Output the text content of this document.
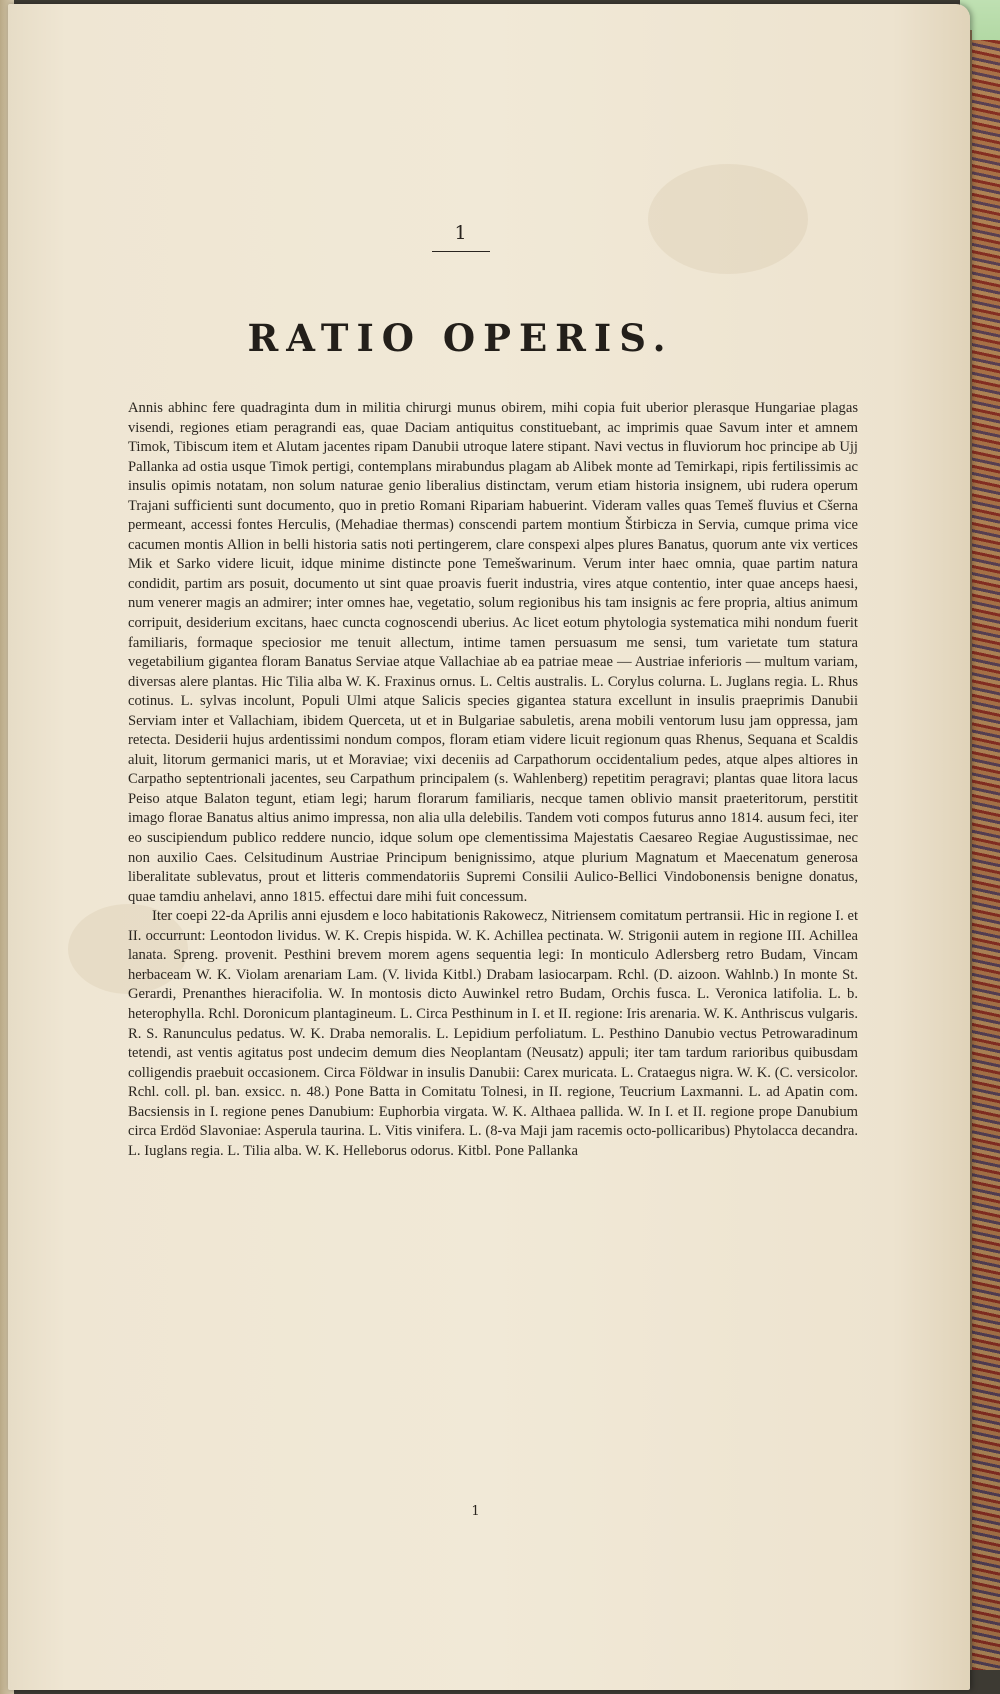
1
RATIO OPERIS.

Annis abhinc fere quadraginta dum in militia chirurgi munus obirem, mihi copia fuit uberior plerasque Hungariae plagas visendi, regiones etiam peragrandi eas, quae Daciam antiquitus constituebant, ac imprimis quae Savum inter et amnem Timok, Tibiscum item et Alutam jacentes ripam Danubii utroque latere stipant. Navi vectus in fluviorum hoc principe ab Ujj Pallanka ad ostia usque Timok pertigi, contemplans mirabundus plagam ab Alibek monte ad Temirkapi, ripis fertilissimis ac insulis opimis notatam, non solum naturae genio liberalius distinctam, verum etiam historia insignem, ubi rudera operum Trajani sufficienti sunt documento, quo in pretio Romani Ripariam habuerint. Videram valles quas Temeš fluvius et Cšerna permeant, accessi fontes Herculis, (Mehadiae thermas) conscendi partem montium Štirbicza in Servia, cumque prima vice cacumen montis Allion in belli historia satis noti pertingerem, clare conspexi alpes plures Banatus, quorum ante vix vertices Mik et Sarko videre licuit, idque minime distincte pone Temešwarinum. Verum inter haec omnia, quae partim natura condidit, partim ars posuit, documento ut sint quae proavis fuerit industria, vires atque contentio, inter quae anceps haesi, num venerer magis an admirer; inter omnes hae, vegetatio, solum regionibus his tam insignis ac fere propria, altius animum corripuit, desiderium excitans, haec cuncta cognoscendi uberius. Ac licet eotum phytologia systematica mihi nondum fuerit familiaris, formaque speciosior me tenuit allectum, intime tamen persuasum me sensi, tum varietate tum statura vegetabilium gigantea floram Banatus Serviae atque Vallachiae ab ea patriae meae — Austriae inferioris — multum variam, diversas alere plantas. Hic Tilia alba W. K. Fraxinus ornus. L. Celtis australis. L. Corylus colurna. L. Juglans regia. L. Rhus cotinus. L. sylvas incolunt, Populi Ulmi atque Salicis species gigantea statura excellunt in insulis praeprimis Danubii Serviam inter et Vallachiam, ibidem Querceta, ut et in Bulgariae sabuletis, arena mobili ventorum lusu jam oppressa, jam retecta. Desiderii hujus ardentissimi nondum compos, floram etiam videre licuit regionum quas Rhenus, Sequana et Scaldis aluit, litorum germanici maris, ut et Moraviae; vixi deceniis ad Carpathorum occidentalium pedes, atque alpes altiores in Carpatho septentrionali jacentes, seu Carpathum principalem (s. Wahlenberg) repetitim peragravi; plantas quae litora lacus Peiso atque Balaton tegunt, etiam legi; harum florarum familiaris, necque tamen oblivio mansit praeteritorum, perstitit imago florae Banatus altius animo impressa, non alia ulla delebilis. Tandem voti compos futurus anno 1814. ausum feci, iter eo suscipiendum publico reddere nuncio, idque solum ope clementissima Majestatis Caesareo Regiae Augustissimae, nec non auxilio Caes. Celsitudinum Austriae Principum benignissimo, atque plurium Magnatum et Maecenatum generosa liberalitate sublevatus, prout et litteris commendatoriis Supremi Consilii Aulico-Bellici Vindobonensis benigne donatus, quae tamdiu anhelavi, anno 1815. effectui dare mihi fuit concessum.

Iter coepi 22-da Aprilis anni ejusdem e loco habitationis Rakowecz, Nitriensem comitatum pertransii. Hic in regione I. et II. occurrunt: Leontodon lividus. W. K. Crepis hispida. W. K. Achillea pectinata. W. Strigonii autem in regione III. Achillea lanata. Spreng. provenit. Pesthini brevem morem agens sequentia legi: In monticulo Adlersberg retro Budam, Vincam herbaceam W. K. Violam arenariam Lam. (V. livida Kitbl.) Drabam lasiocarpam. Rchl. (D. aizoon. Wahlnb.) In monte St. Gerardi, Prenanthes hieracifolia. W. In montosis dicto Auwinkel retro Budam, Orchis fusca. L. Veronica latifolia. L. b. heterophylla. Rchl. Doronicum plantagineum. L. Circa Pesthinum in I. et II. regione: Iris arenaria. W. K. Anthriscus vulgaris. R. S. Ranunculus pedatus. W. K. Draba nemoralis. L. Lepidium perfoliatum. L. Pesthino Danubio vectus Petrowaradinum tetendi, ast ventis agitatus post undecim demum dies Neoplantam (Neusatz) appuli; iter tam tardum rarioribus quibusdam colligendis praebuit occasionem. Circa Földwar in insulis Danubii: Carex muricata. L. Crataegus nigra. W. K. (C. versicolor. Rchl. coll. pl. ban. exsicc. n. 48.) Pone Batta in Comitatu Tolnesi, in II. regione, Teucrium Laxmanni. L. ad Apatin com. Bacsiensis in I. regione penes Danubium: Euphorbia virgata. W. K. Althaea pallida. W. In I. et II. regione prope Danubium circa Erdöd Slavoniae: Asperula taurina. L. Vitis vinifera. L. (8-va Maji jam racemis octo-pollicaribus) Phytolacca decandra. L. Iuglans regia. L. Tilia alba. W. K. Helleborus odorus. Kitbl. Pone Pallanka

1
